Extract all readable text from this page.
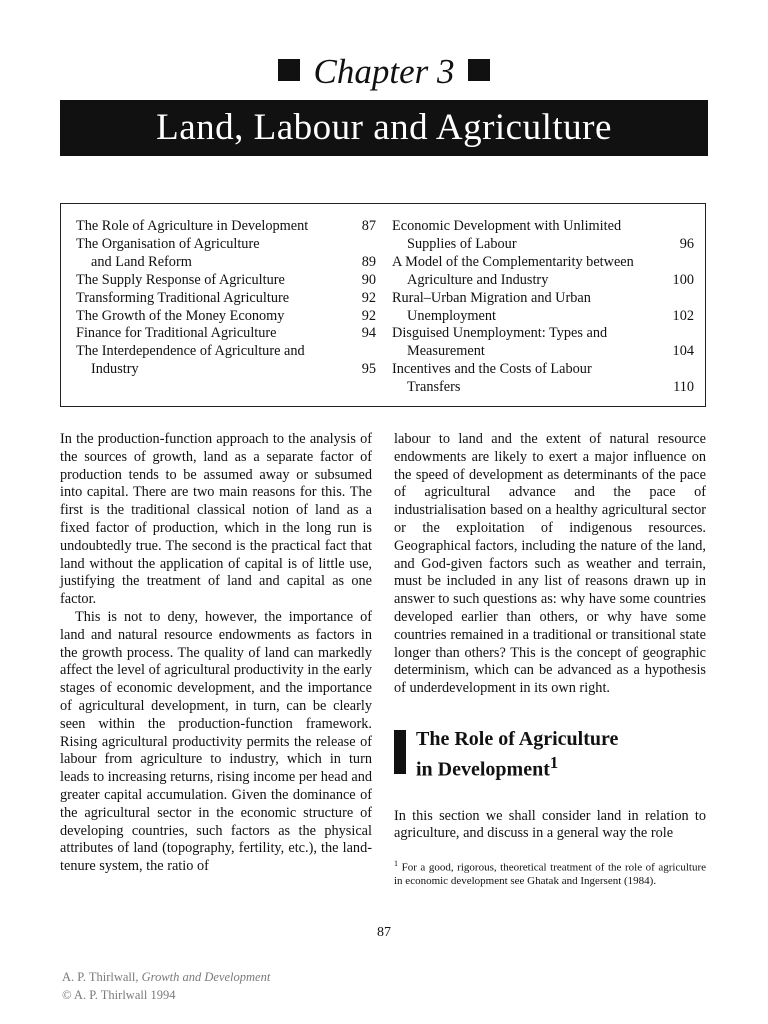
Chapter 3
Land, Labour and Agriculture
The Role of Agriculture in Development	87
The Organisation of Agriculture
and Land Reform	89
The Supply Response of Agriculture	90
Transforming Traditional Agriculture	92
The Growth of the Money Economy	92
Finance for Traditional Agriculture	94
The Interdependence of Agriculture and
Industry	95
Economic Development with Unlimited
Supplies of Labour	96
A Model of the Complementarity between
Agriculture and Industry	100
Rural–Urban Migration and Urban
Unemployment	102
Disguised Unemployment: Types and
Measurement	104
Incentives and the Costs of Labour
Transfers	110

In the production-function approach to the analysis of the sources of growth, land as a separate factor of production tends to be assumed away or subsumed into capital. There are two main reasons for this. The first is the traditional classical notion of land as a fixed factor of production, which in the long run is undoubtedly true. The second is the practical fact that land without the application of capital is of little use, justifying the treatment of land and capital as one factor.

This is not to deny, however, the importance of land and natural resource endowments as factors in the growth process. The quality of land can markedly affect the level of agricultural productivity in the early stages of economic development, and the importance of agricultural development, in turn, can be clearly seen within the production-function framework. Rising agricultural productivity permits the release of labour from agriculture to industry, which in turn leads to increasing returns, rising income per head and greater capital accumulation. Given the dominance of the agricultural sector in the economic structure of developing countries, such factors as the physical attributes of land (topography, fertility, etc.), the land-tenure system, the ratio of

labour to land and the extent of natural resource endowments are likely to exert a major influence on the speed of development as determinants of the pace of agricultural advance and the pace of industrialisation based on a healthy agricultural sector or the exploitation of indigenous resources. Geographical factors, including the nature of the land, and God-given factors such as weather and terrain, must be included in any list of reasons drawn up in answer to such questions as: why have some countries developed earlier than others, or why have some countries remained in a traditional or transitional state longer than others? This is the concept of geographic determinism, which can be advanced as a hypothesis of underdevelopment in its own right.

The Role of Agriculture
in Development$^1$

In this section we shall consider land in relation to agriculture, and discuss in a general way the role

$^1$ For a good, rigorous, theoretical treatment of the role of agriculture in economic development see Ghatak and Ingersent (1984).
87
A. P. Thirlwall, Growth and Development
© A. P. Thirlwall 1994
